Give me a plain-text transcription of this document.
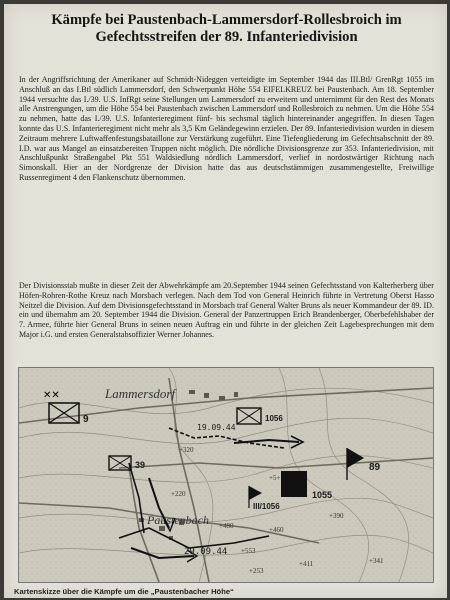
Kämpfe bei Paustenbach-Lammersdorf-Rollesbroich im
Gefechtsstreifen der 89. Infanteriedivision

In der Angriffsrichtung der Amerikaner auf Schmidt-Nideggen verteidigte im September 1944 das III.Btl/ GrenRgt 1055 im Anschluß an das I.Btl südlich Lammersdorf, den Schwerpunkt Höhe 554 EIFELKREUZ bei Paustenbach. Am 18. September 1944 versuchte das I./39. U.S. InfRgt seine Stellungen um Lammersdorf zu erweitern und unternimmt für den Rest des Monats alle Anstrengungen, um die Höhe 554 bei Paustenbach zwischen Lammersdorf und Rollesbroich zu nehmen. Um die Höhe 554 zu nehmen, hatte das I./39. U.S. Infanterieregiment fünf- bis sechsmal täglich hintereinander angegriffen. In diesen Tagen konnte das U.S. Infanterieregiment nicht mehr als 3,5 Km Geländegewinn erzielen. Der 89. Infanteriedivision wurden in diesem Zeitraum mehrere Luftwaffenfestungsbataillone zur Verstärkung zugeführt. Eine Tiefengliederung im Gefechtsabschnitt der 89. I.D. war aus Mangel an einsatzbereiten Truppen nicht möglich. Die nördliche Divisionsgrenze zur 353. Infanteriedivision, mit Anschlußpunkt Straßengabel Pkt 551 Waldsiedlung nördlich Lammersdorf, verlief in nordostwärtiger Richtung nach Simonskall. Hier an der Nordgrenze der Division hatte das aus deutschstämmigen zusammengestellte, Freiwillige Russenregiment 4 den Flankenschutz übernommen.

Der Divisionsstab mußte in dieser Zeit der Abwehrkämpfe am 20.September 1944 seinen Gefechtsstand von Kalterherberg über Höfen-Rohren-Rothe Kreuz nach Morsbach verlegen. Nach dem Tod von General Heinrich führte in Vertretung Oberst Hasso Neitzel die Division. Auf dem Divisionsgefechtsstand in Morsbach traf General Walter Bruns als neuer Kommandeur der 89. ID. ein und übernahm am 20. September 1944 die Division. General der Panzertruppen Erich Brandenberger, Oberbefehlshaber der 7. Armee, führte hier General Bruns in seinen neuen Auftrag ein und führte in der gleichen Zeit Lagebesprechungen mit dem Major i.G. und ersten Generalstabsoffizier Werner Johannes.

Lammersdorf
Paustenbach
✕✕
9
39	89
III/1056
1055
1056
19.09.44
29.09.44
+320
+220
+480	+460
+390
+553
+411
+5+
+253
+341

Kartenskizze über die Kämpfe um die „Paustenbacher Höhe“
